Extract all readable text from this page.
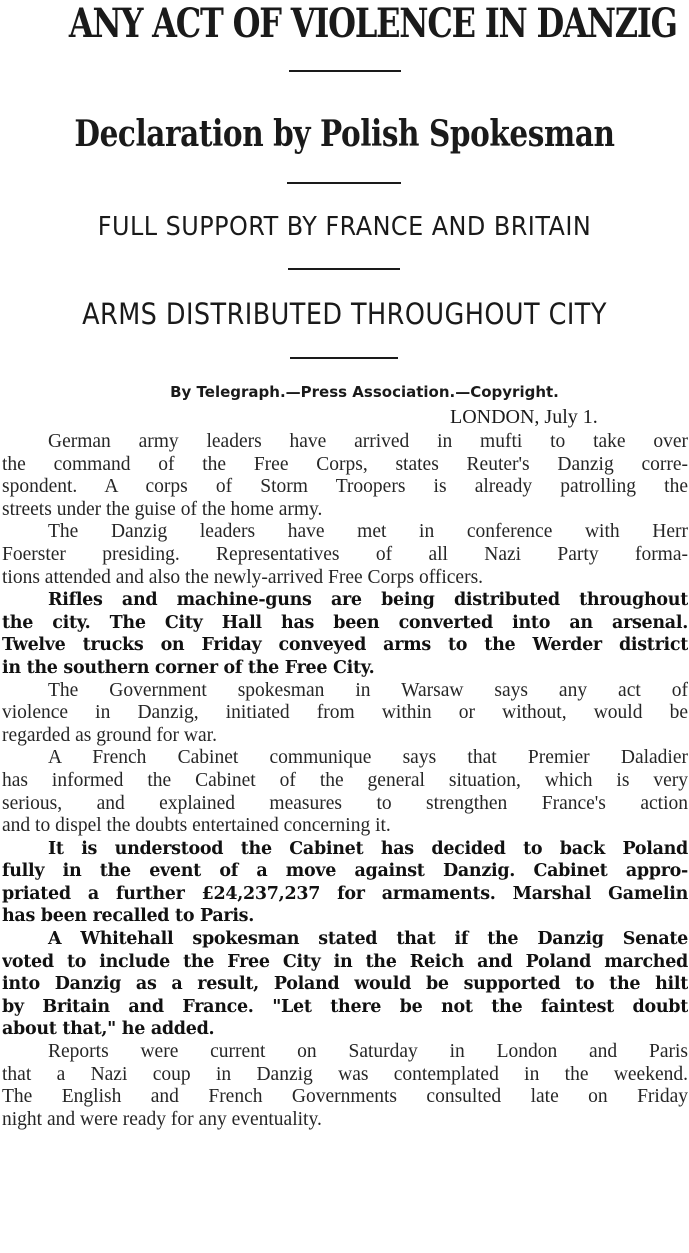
ANY ACT OF VIOLENCE IN DANZIG
Declaration by Polish Spokesman
FULL SUPPORT BY FRANCE AND BRITAIN
ARMS DISTRIBUTED THROUGHOUT CITY
By Telegraph.—Press Association.—Copyright.
LONDON, July 1.
German army leaders have arrived in mufti to take over
the command of the Free Corps, states Reuter's Danzig corre-
spondent. A corps of Storm Troopers is already patrolling the
streets under the guise of the home army.
The Danzig leaders have met in conference with Herr
Foerster presiding. Representatives of all Nazi Party forma-
tions attended and also the newly-arrived Free Corps officers.
Rifles and machine-guns are being distributed throughout
the city. The City Hall has been converted into an arsenal.
Twelve trucks on Friday conveyed arms to the Werder district
in the southern corner of the Free City.
The Government spokesman in Warsaw says any act of
violence in Danzig, initiated from within or without, would be
regarded as ground for war.
A French Cabinet communique says that Premier Daladier
has informed the Cabinet of the general situation, which is very
serious, and explained measures to strengthen France's action
and to dispel the doubts entertained concerning it.
It is understood the Cabinet has decided to back Poland
fully in the event of a move against Danzig. Cabinet appro-
priated a further £24,237,237 for armaments. Marshal Gamelin
has been recalled to Paris.
A Whitehall spokesman stated that if the Danzig Senate
voted to include the Free City in the Reich and Poland marched
into Danzig as a result, Poland would be supported to the hilt
by Britain and France. "Let there be not the faintest doubt
about that," he added.
Reports were current on Saturday in London and Paris
that a Nazi coup in Danzig was contemplated in the weekend.
The English and French Governments consulted late on Friday
night and were ready for any eventuality.
